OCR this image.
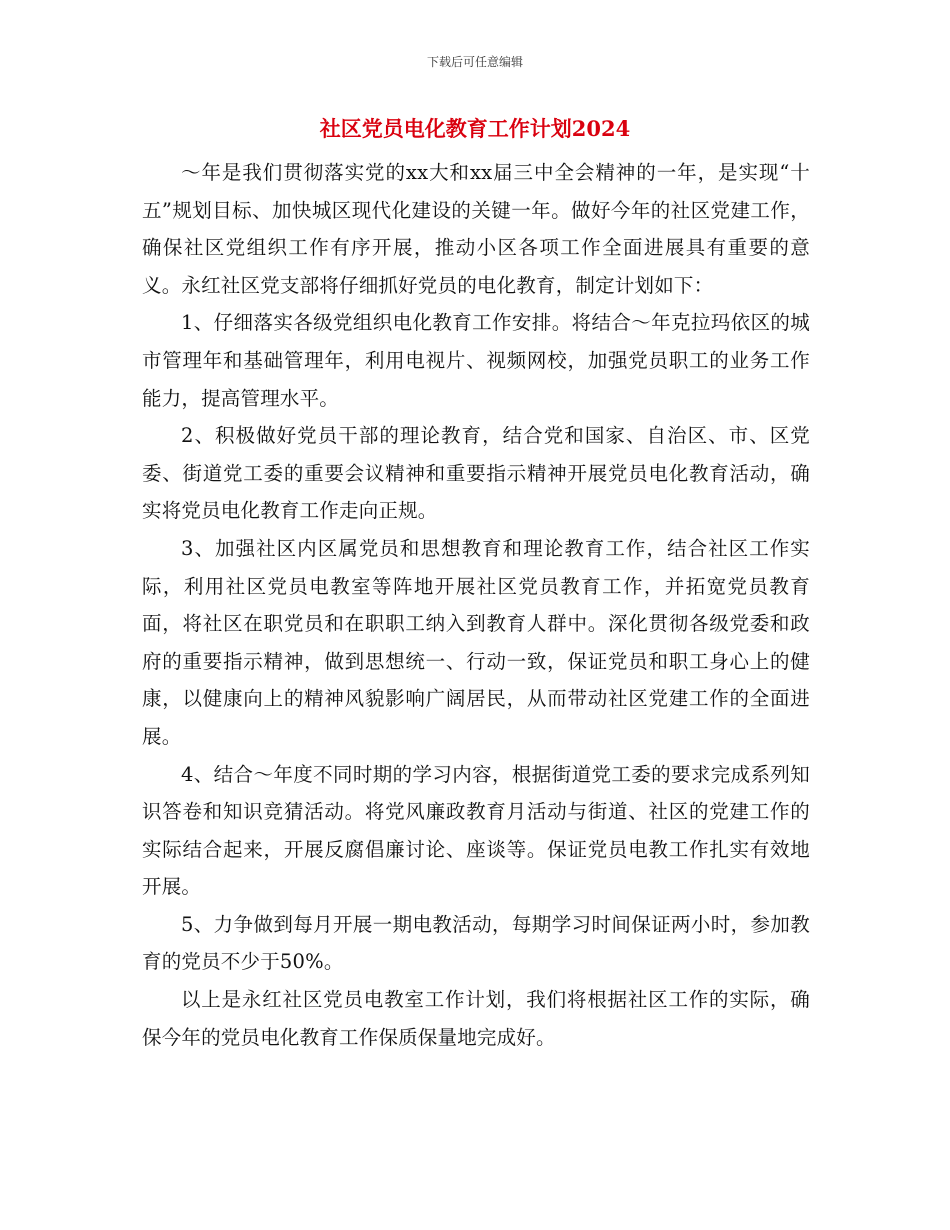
下载后可任意编辑
社区党员电化教育工作计划2024

～年是我们贯彻落实党的xx大和xx届三中全会精神的一年，是实现“十五”规划目标、加快城区现代化建设的关键一年。做好今年的社区党建工作，确保社区党组织工作有序开展，推动小区各项工作全面进展具有重要的意义。永红社区党支部将仔细抓好党员的电化教育，制定计划如下：

1、仔细落实各级党组织电化教育工作安排。将结合～年克拉玛依区的城市管理年和基础管理年，利用电视片、视频网校，加强党员职工的业务工作能力，提高管理水平。

2、积极做好党员干部的理论教育，结合党和国家、自治区、市、区党委、街道党工委的重要会议精神和重要指示精神开展党员电化教育活动，确实将党员电化教育工作走向正规。

3、加强社区内区属党员和思想教育和理论教育工作，结合社区工作实际，利用社区党员电教室等阵地开展社区党员教育工作，并拓宽党员教育面，将社区在职党员和在职职工纳入到教育人群中。深化贯彻各级党委和政府的重要指示精神，做到思想统一、行动一致，保证党员和职工身心上的健康，以健康向上的精神风貌影响广阔居民，从而带动社区党建工作的全面进展。

4、结合～年度不同时期的学习内容，根据街道党工委的要求完成系列知识答卷和知识竞猜活动。将党风廉政教育月活动与街道、社区的党建工作的实际结合起来，开展反腐倡廉讨论、座谈等。保证党员电教工作扎实有效地开展。

5、力争做到每月开展一期电教活动，每期学习时间保证两小时，参加教育的党员不少于50%。

以上是永红社区党员电教室工作计划，我们将根据社区工作的实际，确保今年的党员电化教育工作保质保量地完成好。
